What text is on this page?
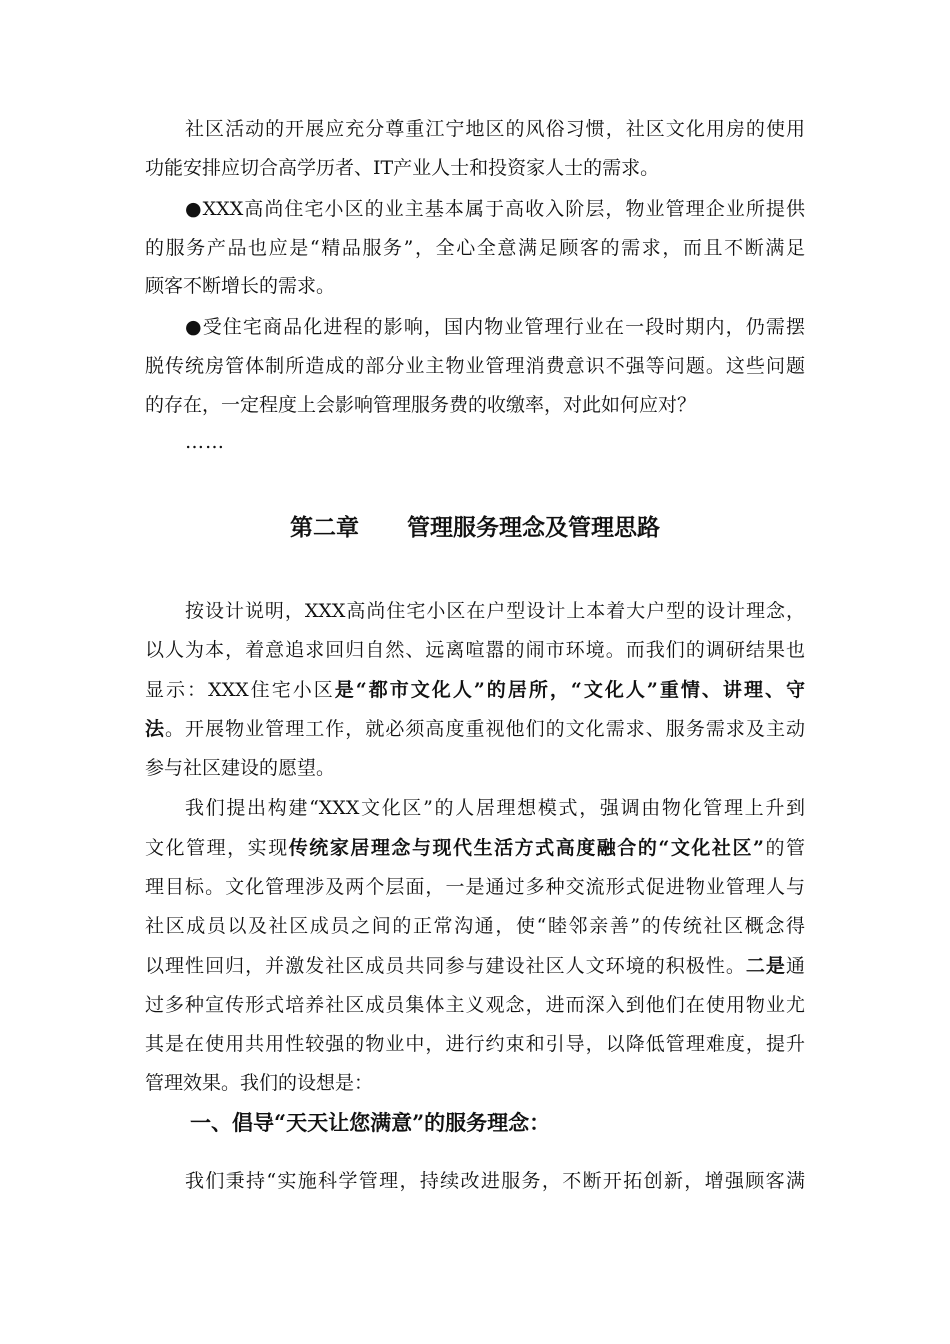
社区活动的开展应充分尊重江宁地区的风俗习惯，社区文化用房的使用
功能安排应切合高学历者、IT产业人士和投资家人士的需求。
●XXX高尚住宅小区的业主基本属于高收入阶层，物业管理企业所提供
的服务产品也应是“精品服务”，全心全意满足顾客的需求，而且不断满足
顾客不断增长的需求。
●受住宅商品化进程的影响，国内物业管理行业在一段时期内，仍需摆
脱传统房管体制所造成的部分业主物业管理消费意识不强等问题。这些问题
的存在，一定程度上会影响管理服务费的收缴率，对此如何应对？
……
第二章 管理服务理念及管理思路
按设计说明，XXX高尚住宅小区在户型设计上本着大户型的设计理念，
以人为本，着意追求回归自然、远离喧嚣的闹市环境。而我们的调研结果也
显示：XXX住宅小区是“都市文化人”的居所，“文化人”重情、讲理、守
法。开展物业管理工作，就必须高度重视他们的文化需求、服务需求及主动
参与社区建设的愿望。
我们提出构建“XXX文化区”的人居理想模式，强调由物化管理上升到
文化管理，实现传统家居理念与现代生活方式高度融合的“文化社区”的管
理目标。文化管理涉及两个层面，一是通过多种交流形式促进物业管理人与
社区成员以及社区成员之间的正常沟通，使“睦邻亲善”的传统社区概念得
以理性回归，并激发社区成员共同参与建设社区人文环境的积极性。二是通
过多种宣传形式培养社区成员集体主义观念，进而深入到他们在使用物业尤
其是在使用共用性较强的物业中，进行约束和引导，以降低管理难度，提升
管理效果。我们的设想是：
一、倡导“天天让您满意”的服务理念：
我们秉持“实施科学管理，持续改进服务，不断开拓创新，增强顾客满
